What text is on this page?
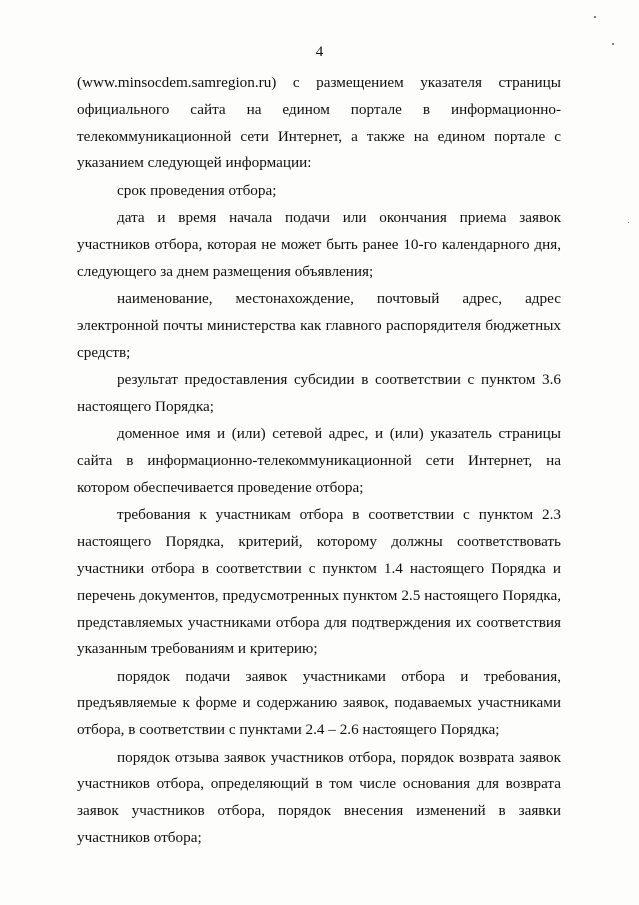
4

(www.minsocdem.samregion.ru) с размещением указателя страницы официального сайта на едином портале в информационно-телекоммуникационной сети Интернет, а также на едином портале с указанием следующей информации:

срок проведения отбора;

дата и время начала подачи или окончания приема заявок участников отбора, которая не может быть ранее 10-го календарного дня, следующего за днем размещения объявления;

наименование, местонахождение, почтовый адрес, адрес электронной почты министерства как главного распорядителя бюджетных средств;

результат предоставления субсидии в соответствии с пунктом 3.6 настоящего Порядка;

доменное имя и (или) сетевой адрес, и (или) указатель страницы сайта в информационно-телекоммуникационной сети Интернет, на котором обеспечивается проведение отбора;

требования к участникам отбора в соответствии с пунктом 2.3 настоящего Порядка, критерий, которому должны соответствовать участники отбора в соответствии с пунктом 1.4 настоящего Порядка и перечень документов, предусмотренных пунктом 2.5 настоящего Порядка, представляемых участниками отбора для подтверждения их соответствия указанным требованиям и критерию;

порядок подачи заявок участниками отбора и требования, предъявляемые к форме и содержанию заявок, подаваемых участниками отбора, в соответствии с пунктами 2.4 – 2.6 настоящего Порядка;

порядок отзыва заявок участников отбора, порядок возврата заявок участников отбора, определяющий в том числе основания для возврата заявок участников отбора, порядок внесения изменений в заявки участников отбора;
